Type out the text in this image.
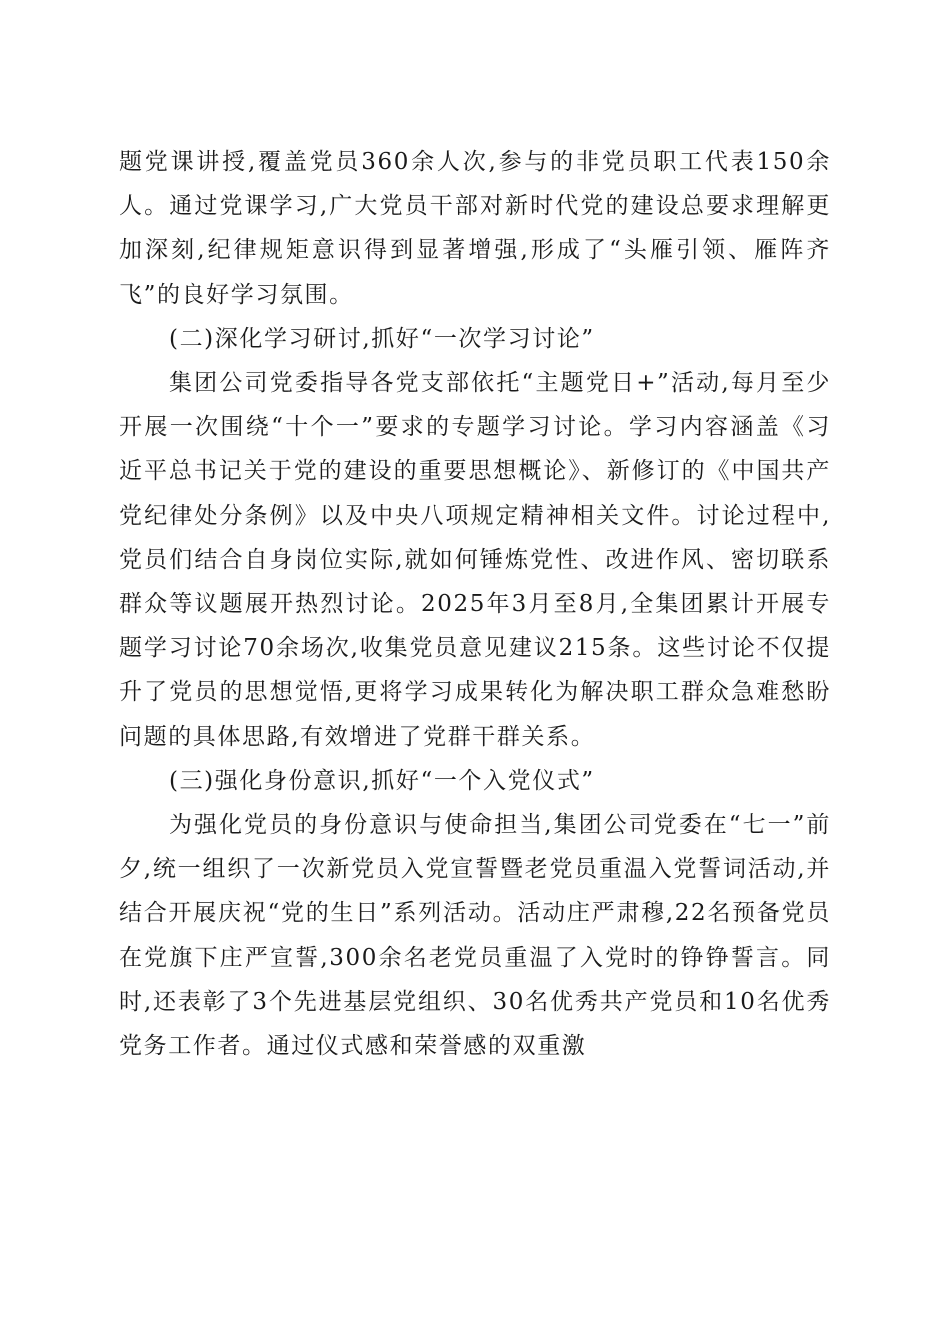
题党课讲授,覆盖党员360余人次,参与的非党员职工代表150余人。通过党课学习,广大党员干部对新时代党的建设总要求理解更加深刻,纪律规矩意识得到显著增强,形成了“头雁引领、雁阵齐飞”的良好学习氛围。

(二)深化学习研讨,抓好“一次学习讨论”

集团公司党委指导各党支部依托“主题党日+”活动,每月至少开展一次围绕“十个一”要求的专题学习讨论。学习内容涵盖《习近平总书记关于党的建设的重要思想概论》、新修订的《中国共产党纪律处分条例》以及中央八项规定精神相关文件。讨论过程中,党员们结合自身岗位实际,就如何锤炼党性、改进作风、密切联系群众等议题展开热烈讨论。2025年3月至8月,全集团累计开展专题学习讨论70余场次,收集党员意见建议215条。这些讨论不仅提升了党员的思想觉悟,更将学习成果转化为解决职工群众急难愁盼问题的具体思路,有效增进了党群干群关系。

(三)强化身份意识,抓好“一个入党仪式”

为强化党员的身份意识与使命担当,集团公司党委在“七一”前夕,统一组织了一次新党员入党宣誓暨老党员重温入党誓词活动,并结合开展庆祝“党的生日”系列活动。活动庄严肃穆,22名预备党员在党旗下庄严宣誓,300余名老党员重温了入党时的铮铮誓言。同时,还表彰了3个先进基层党组织、30名优秀共产党员和10名优秀党务工作者。通过仪式感和荣誉感的双重激
